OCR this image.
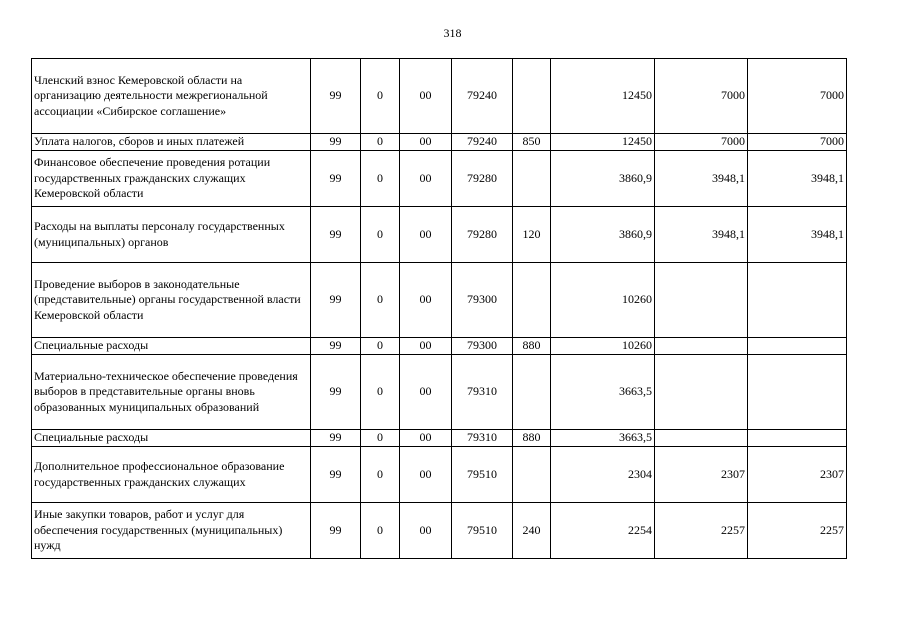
318
Членский взнос Кемеровской области на организацию деятельности межрегиональной ассоциации «Сибирское соглашение»	99	0	00	79240		12450	7000	7000
Уплата налогов, сборов и иных платежей	99	0	00	79240	850	12450	7000	7000
Финансовое обеспечение проведения ротации государственных гражданских служащих Кемеровской области	99	0	00	79280		3860,9	3948,1	3948,1
Расходы на выплаты персоналу государственных (муниципальных) органов	99	0	00	79280	120	3860,9	3948,1	3948,1
Проведение выборов в законодательные (представительные) органы государственной власти Кемеровской области	99	0	00	79300		10260		
Специальные расходы	99	0	00	79300	880	10260		
Материально-техническое обеспечение проведения выборов в представительные органы вновь образованных муниципальных образований	99	0	00	79310		3663,5		
Специальные расходы	99	0	00	79310	880	3663,5		
Дополнительное профессиональное образование государственных гражданских служащих	99	0	00	79510		2304	2307	2307
Иные закупки товаров, работ и услуг для обеспечения государственных (муниципальных) нужд	99	0	00	79510	240	2254	2257	2257
